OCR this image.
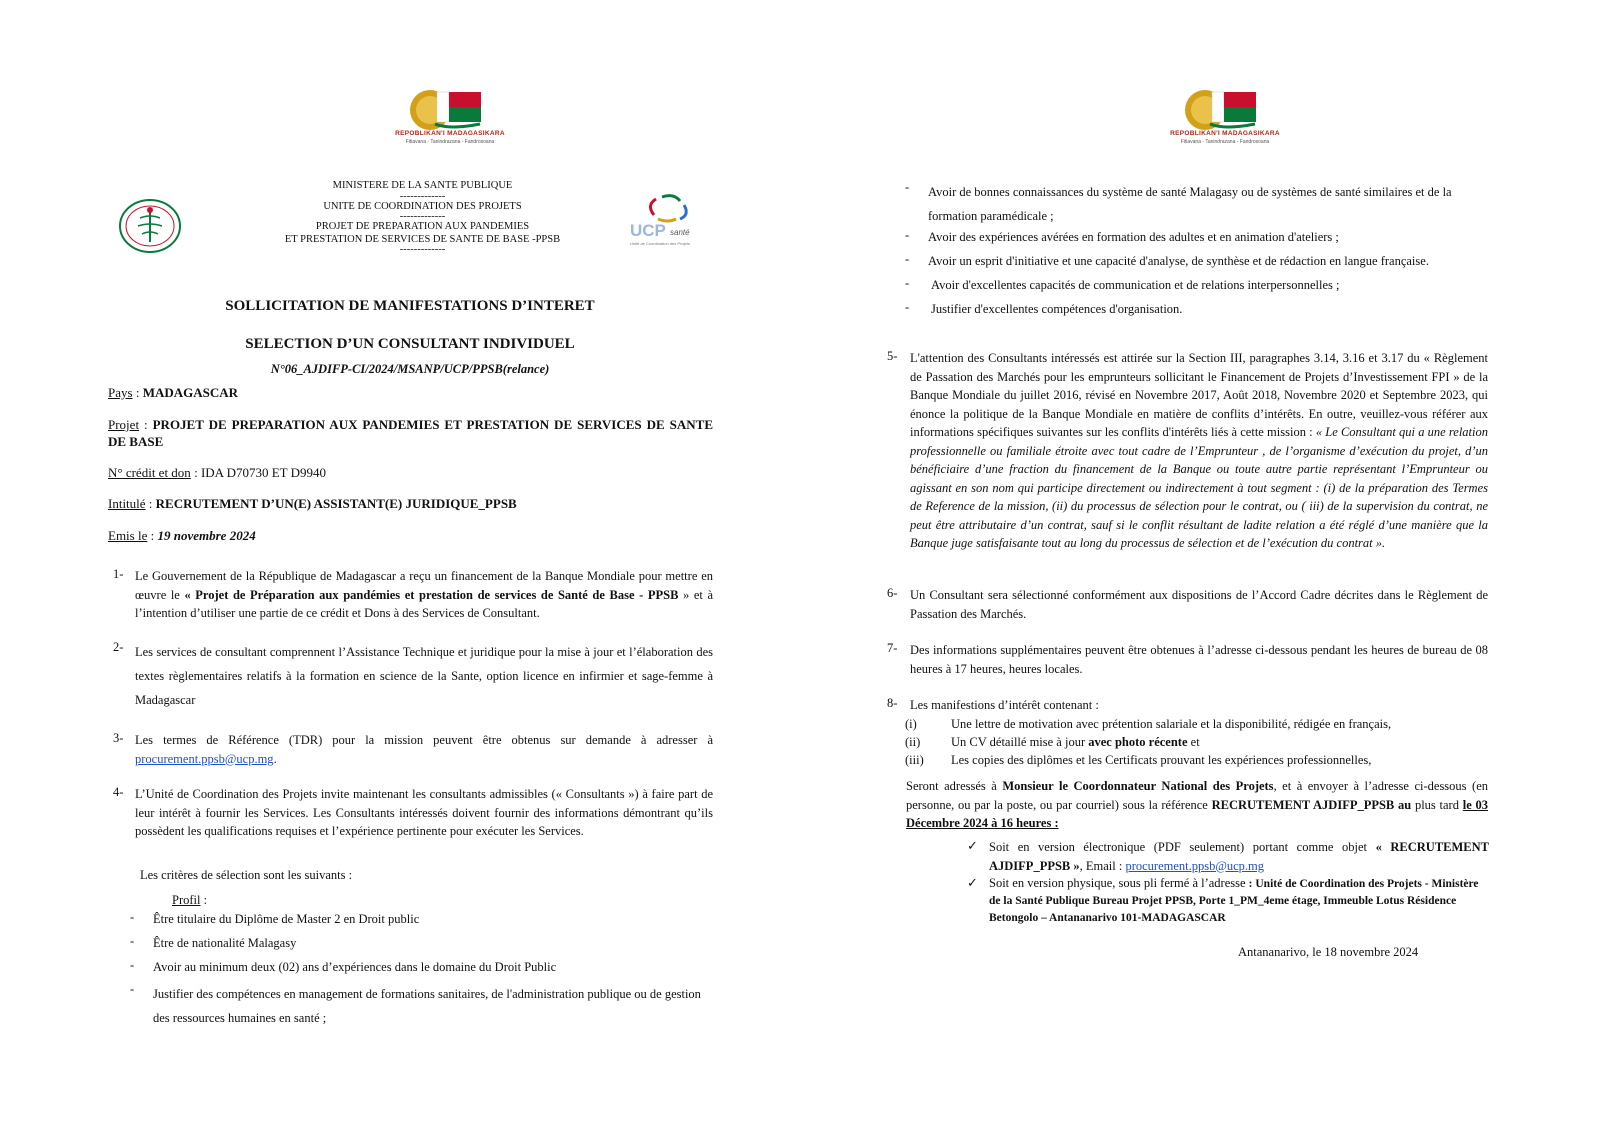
REPOBLIKAN'I MADAGASIKARA
Fitiavana - Tanindrazana - Fandrosoana
MINISTERE DE LA SANTE PUBLIQUE
-------------
UNITE DE COORDINATION DES PROJETS
-------------
PROJET DE PREPARATION AUX PANDEMIES
ET PRESTATION DE SERVICES DE SANTE DE BASE -PPSB
-------------
UCP santé
Unité de Coordination des Projets
SOLLICITATION DE MANIFESTATIONS D’INTERET
SELECTION D’UN CONSULTANT INDIVIDUEL
N°06_AJDIFP-CI/2024/MSANP/UCP/PPSB(relance)
Pays : MADAGASCAR
Projet : PROJET DE PREPARATION AUX PANDEMIES ET PRESTATION DE SERVICES DE SANTE DE BASE
N° crédit et don : IDA D70730 ET D9940
Intitulé : RECRUTEMENT D’UN(E) ASSISTANT(E) JURIDIQUE_PPSB
Emis le : 19 novembre 2024
1- Le Gouvernement de la République de Madagascar a reçu un financement de la Banque Mondiale pour mettre en œuvre le « Projet de Préparation aux pandémies et prestation de services de Santé de Base - PPSB » et à l’intention d’utiliser une partie de ce crédit et Dons à des Services de Consultant.
2- Les services de consultant comprennent l’Assistance Technique et juridique pour la mise à jour et l’élaboration des textes règlementaires relatifs à la formation en science de la Sante, option licence en infirmier et sage-femme à Madagascar
3- Les termes de Référence (TDR) pour la mission peuvent être obtenus sur demande à adresser à procurement.ppsb@ucp.mg.
4- L’Unité de Coordination des Projets invite maintenant les consultants admissibles (« Consultants ») à faire part de leur intérêt à fournir les Services. Les Consultants intéressés doivent fournir des informations démontrant qu’ils possèdent les qualifications requises et l’expérience pertinente pour exécuter les Services.
Les critères de sélection sont les suivants :
Profil :
- Être titulaire du Diplôme de Master 2 en Droit public
- Être de nationalité Malagasy
- Avoir au minimum deux (02) ans d’expériences dans le domaine du Droit Public
- Justifier des compétences en management de formations sanitaires, de l'administration publique ou de gestion des ressources humaines en santé ;
REPOBLIKAN'I MADAGASIKARA
Fitiavana - Tanindrazana - Fandrosoana
- Avoir de bonnes connaissances du système de santé Malagasy ou de systèmes de santé similaires et de la formation paramédicale ;
- Avoir des expériences avérées en formation des adultes et en animation d'ateliers ;
- Avoir un esprit d'initiative et une capacité d'analyse, de synthèse et de rédaction en langue française.
- Avoir d'excellentes capacités de communication et de relations interpersonnelles ;
- Justifier d'excellentes compétences d'organisation.
5- L'attention des Consultants intéressés est attirée sur la Section III, paragraphes 3.14, 3.16 et 3.17 du « Règlement de Passation des Marchés pour les emprunteurs sollicitant le Financement de Projets d’Investissement FPI » de la Banque Mondiale du juillet 2016, révisé en Novembre 2017, Août 2018, Novembre 2020 et Septembre 2023, qui énonce la politique de la Banque Mondiale en matière de conflits d’intérêts. En outre, veuillez-vous référer aux informations spécifiques suivantes sur les conflits d'intérêts liés à cette mission : « Le Consultant qui a une relation professionnelle ou familiale étroite avec tout cadre de l’Emprunteur , de l’organisme d’exécution du projet, d’un bénéficiaire d’une fraction du financement de la Banque ou toute autre partie représentant l’Emprunteur ou agissant en son nom qui participe directement ou indirectement à tout segment : (i) de la préparation des Termes de Reference de la mission, (ii) du processus de sélection pour le contrat, ou ( iii) de la supervision du contrat, ne peut être attributaire d’un contrat, sauf si le conflit résultant de ladite relation a été réglé d’une manière que la Banque juge satisfaisante tout au long du processus de sélection et de l’exécution du contrat ».
6- Un Consultant sera sélectionné conformément aux dispositions de l’Accord Cadre décrites dans le Règlement de Passation des Marchés.
7- Des informations supplémentaires peuvent être obtenues à l’adresse ci-dessous pendant les heures de bureau de 08 heures à 17 heures, heures locales.
8- Les manifestions d’intérêt contenant :
(i)	Une lettre de motivation avec prétention salariale et la disponibilité, rédigée en français,
(ii) Un CV détaillé mise à jour avec photo récente et
(iii) Les copies des diplômes et les Certificats prouvant les expériences professionnelles,
Seront adressés à Monsieur le Coordonnateur National des Projets, et à envoyer à l’adresse ci-dessous (en personne, ou par la poste, ou par courriel) sous la référence RECRUTEMENT AJDIFP_PPSB au plus tard le 03 Décembre 2024 à 16 heures :
✓ Soit en version électronique (PDF seulement) portant comme objet « RECRUTEMENT AJDIFP_PPSB », Email : procurement.ppsb@ucp.mg
✓ Soit en version physique, sous pli fermé à l’adresse : Unité de Coordination des Projets - Ministère de la Santé Publique Bureau Projet PPSB, Porte 1_PM_4eme étage, Immeuble Lotus Résidence Betongolo – Antananarivo 101-MADAGASCAR
Antananarivo, le 18 novembre 2024
